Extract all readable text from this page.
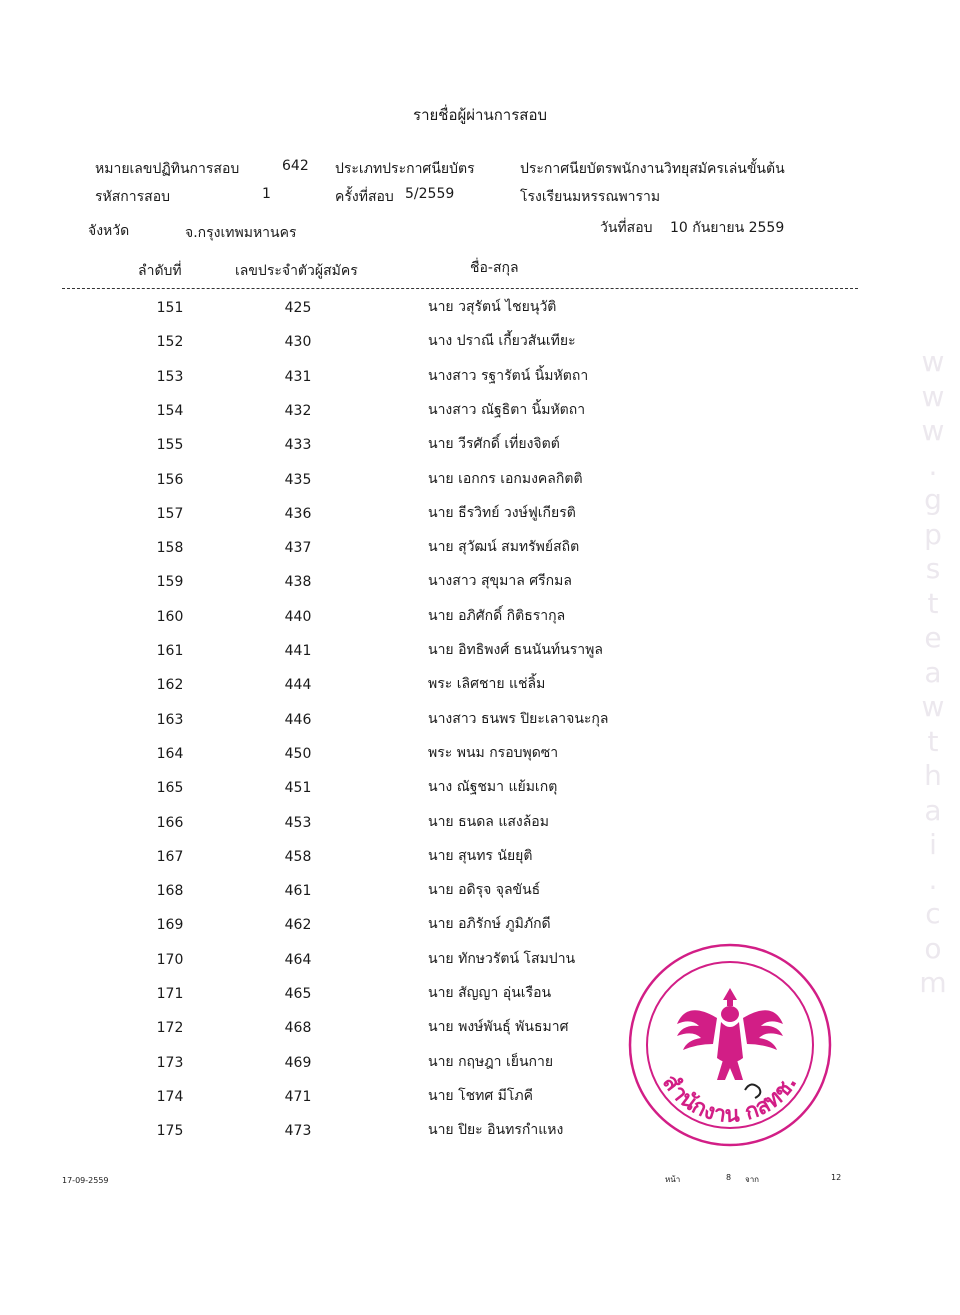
รายชื่อผู้ผ่านการสอบ
หมายเลขปฏิทินการสอบ	642 ประเภทประกาศนียบัตร	ประกาศนียบัตรพนักงานวิทยุสมัครเล่นขั้นต้น
รหัสการสอบ	1	ครั้งที่สอบ 5/2559	โรงเรียนมหรรณพาราม
จังหวัด	จ.กรุงเทพมหานคร	วันที่สอบ 10 กันยายน 2559
ลำดับที่	เลขประจำตัวผู้สมัคร	ชื่อ-สกุล
151	425	นาย วสุรัตน์ ไชยนุวัติ
152	430	นาง ปราณี เกี้ยวสันเทียะ
153	431	นางสาว รฐารัตน์ นิ้มหัตถา
154	432	นางสาว ณัฐธิตา นิ้มหัตถา
155	433	นาย วีรศักดิ์ เที่ยงจิตต์
156	435	นาย เอกกร เอกมงคลกิตติ
157	436	นาย ธีรวิทย์ วงษ์ฟูเกียรติ
158	437	นาย สุวัฒน์ สมทรัพย์สถิต
159	438	นางสาว สุขุมาล ศรีกมล
160	440	นาย อภิศักดิ์ กิติธรากุล
161	441	นาย อิทธิพงศ์ ธนนันท์นราพูล
162	444	พระ เลิศชาย แช่ลิ้ม
163	446	นางสาว ธนพร ปิยะเลาจนะกุล
164	450	พระ พนม กรอบพุดซา
165	451	นาง ณัฐชมา แย้มเกตุ
166	453	นาย ธนดล แสงล้อม
167	458	นาย สุนทร นัยยุติ
168	461	นาย อดิรุจ จุลขันธ์
169	462	นาย อภิรักษ์ ภูมิภักดี
170	464	นาย ทักษวรัตน์ โสมปาน
171	465	นาย สัญญา อุ่นเรือน
172	468	นาย พงษ์พันธุ์ พันธมาศ
173	469	นาย กฤษฎา เย็นกาย
174	471	นาย โชทศ มีโภคี
175	473	นาย ปิยะ อินทรกำแหง
17-09-2559	หน้า	8 จาก	12
w
w
w
.
g
p
s
t
e
a
w
t
h
a
i
.
c
o
m
สำนักงาน กสทช.
